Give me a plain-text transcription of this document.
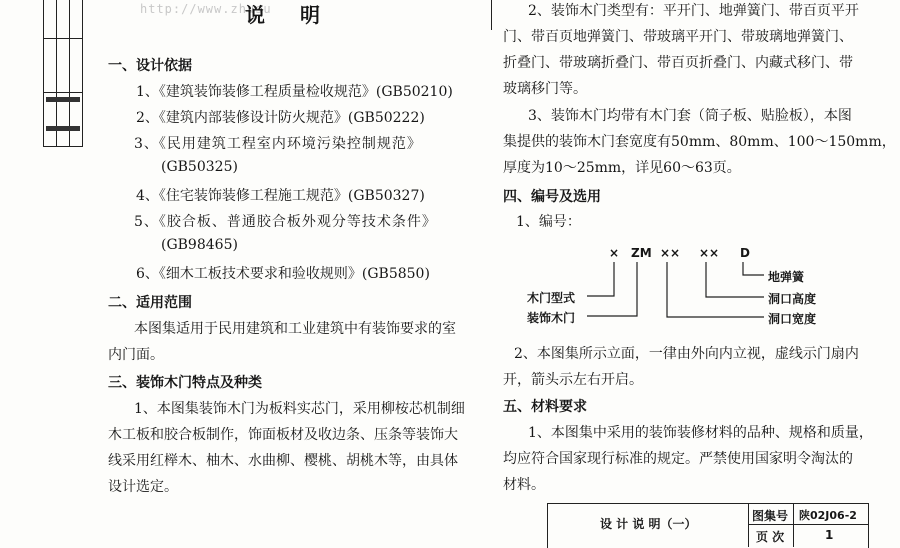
http://www.zhusu
说 明
一、设计依据
1、《建筑装饰装修工程质量检收规范》(GB50210)
2、《建筑内部装修设计防火规范》(GB50222)
3、《民用建筑工程室内环境污染控制规范》
(GB50325)
4、《住宅装饰装修工程施工规范》(GB50327)
5、《胶合板、普通胶合板外观分等技术条件》
(GB98465)
6、《细木工板技术要求和验收规则》(GB5850)
二、适用范围
本图集适用于民用建筑和工业建筑中有装饰要求的室
内门面。
三、装饰木门特点及种类
1、本图集装饰木门为板料实芯门，采用柳桉芯机制细
木工板和胶合板制作，饰面板材及收边条、压条等装饰大
线采用红榉木、柚木、水曲柳、樱桃、胡桃木等，由具体
设计选定。
2、装饰木门类型有：平开门、地弹簧门、带百页平开
门、带百页地弹簧门、带玻璃平开门、带玻璃地弹簧门、
折叠门、带玻璃折叠门、带百页折叠门、内藏式移门、带
玻璃移门等。
3、装饰木门均带有木门套（筒子板、贴脸板），本图
集提供的装饰木门套宽度有50mm、80mm、100～150mm，
厚度为10～25mm，详见60～63页。
四、编号及选用
1、编号：
× ZM ×× ×× D
地弹簧
洞口高度
洞口宽度
木门型式
装饰木门
2、本图集所示立面，一律由外向内立视，虚线示门扇内
开，箭头示左右开启。
五、材料要求
1、本图集中采用的装饰装修材料的品种、规格和质量，
均应符合国家现行标准的规定。严禁使用国家明令淘汰的
材料。
设 计 说 明（一）
图集号 陕02J06-2
页 次	1
